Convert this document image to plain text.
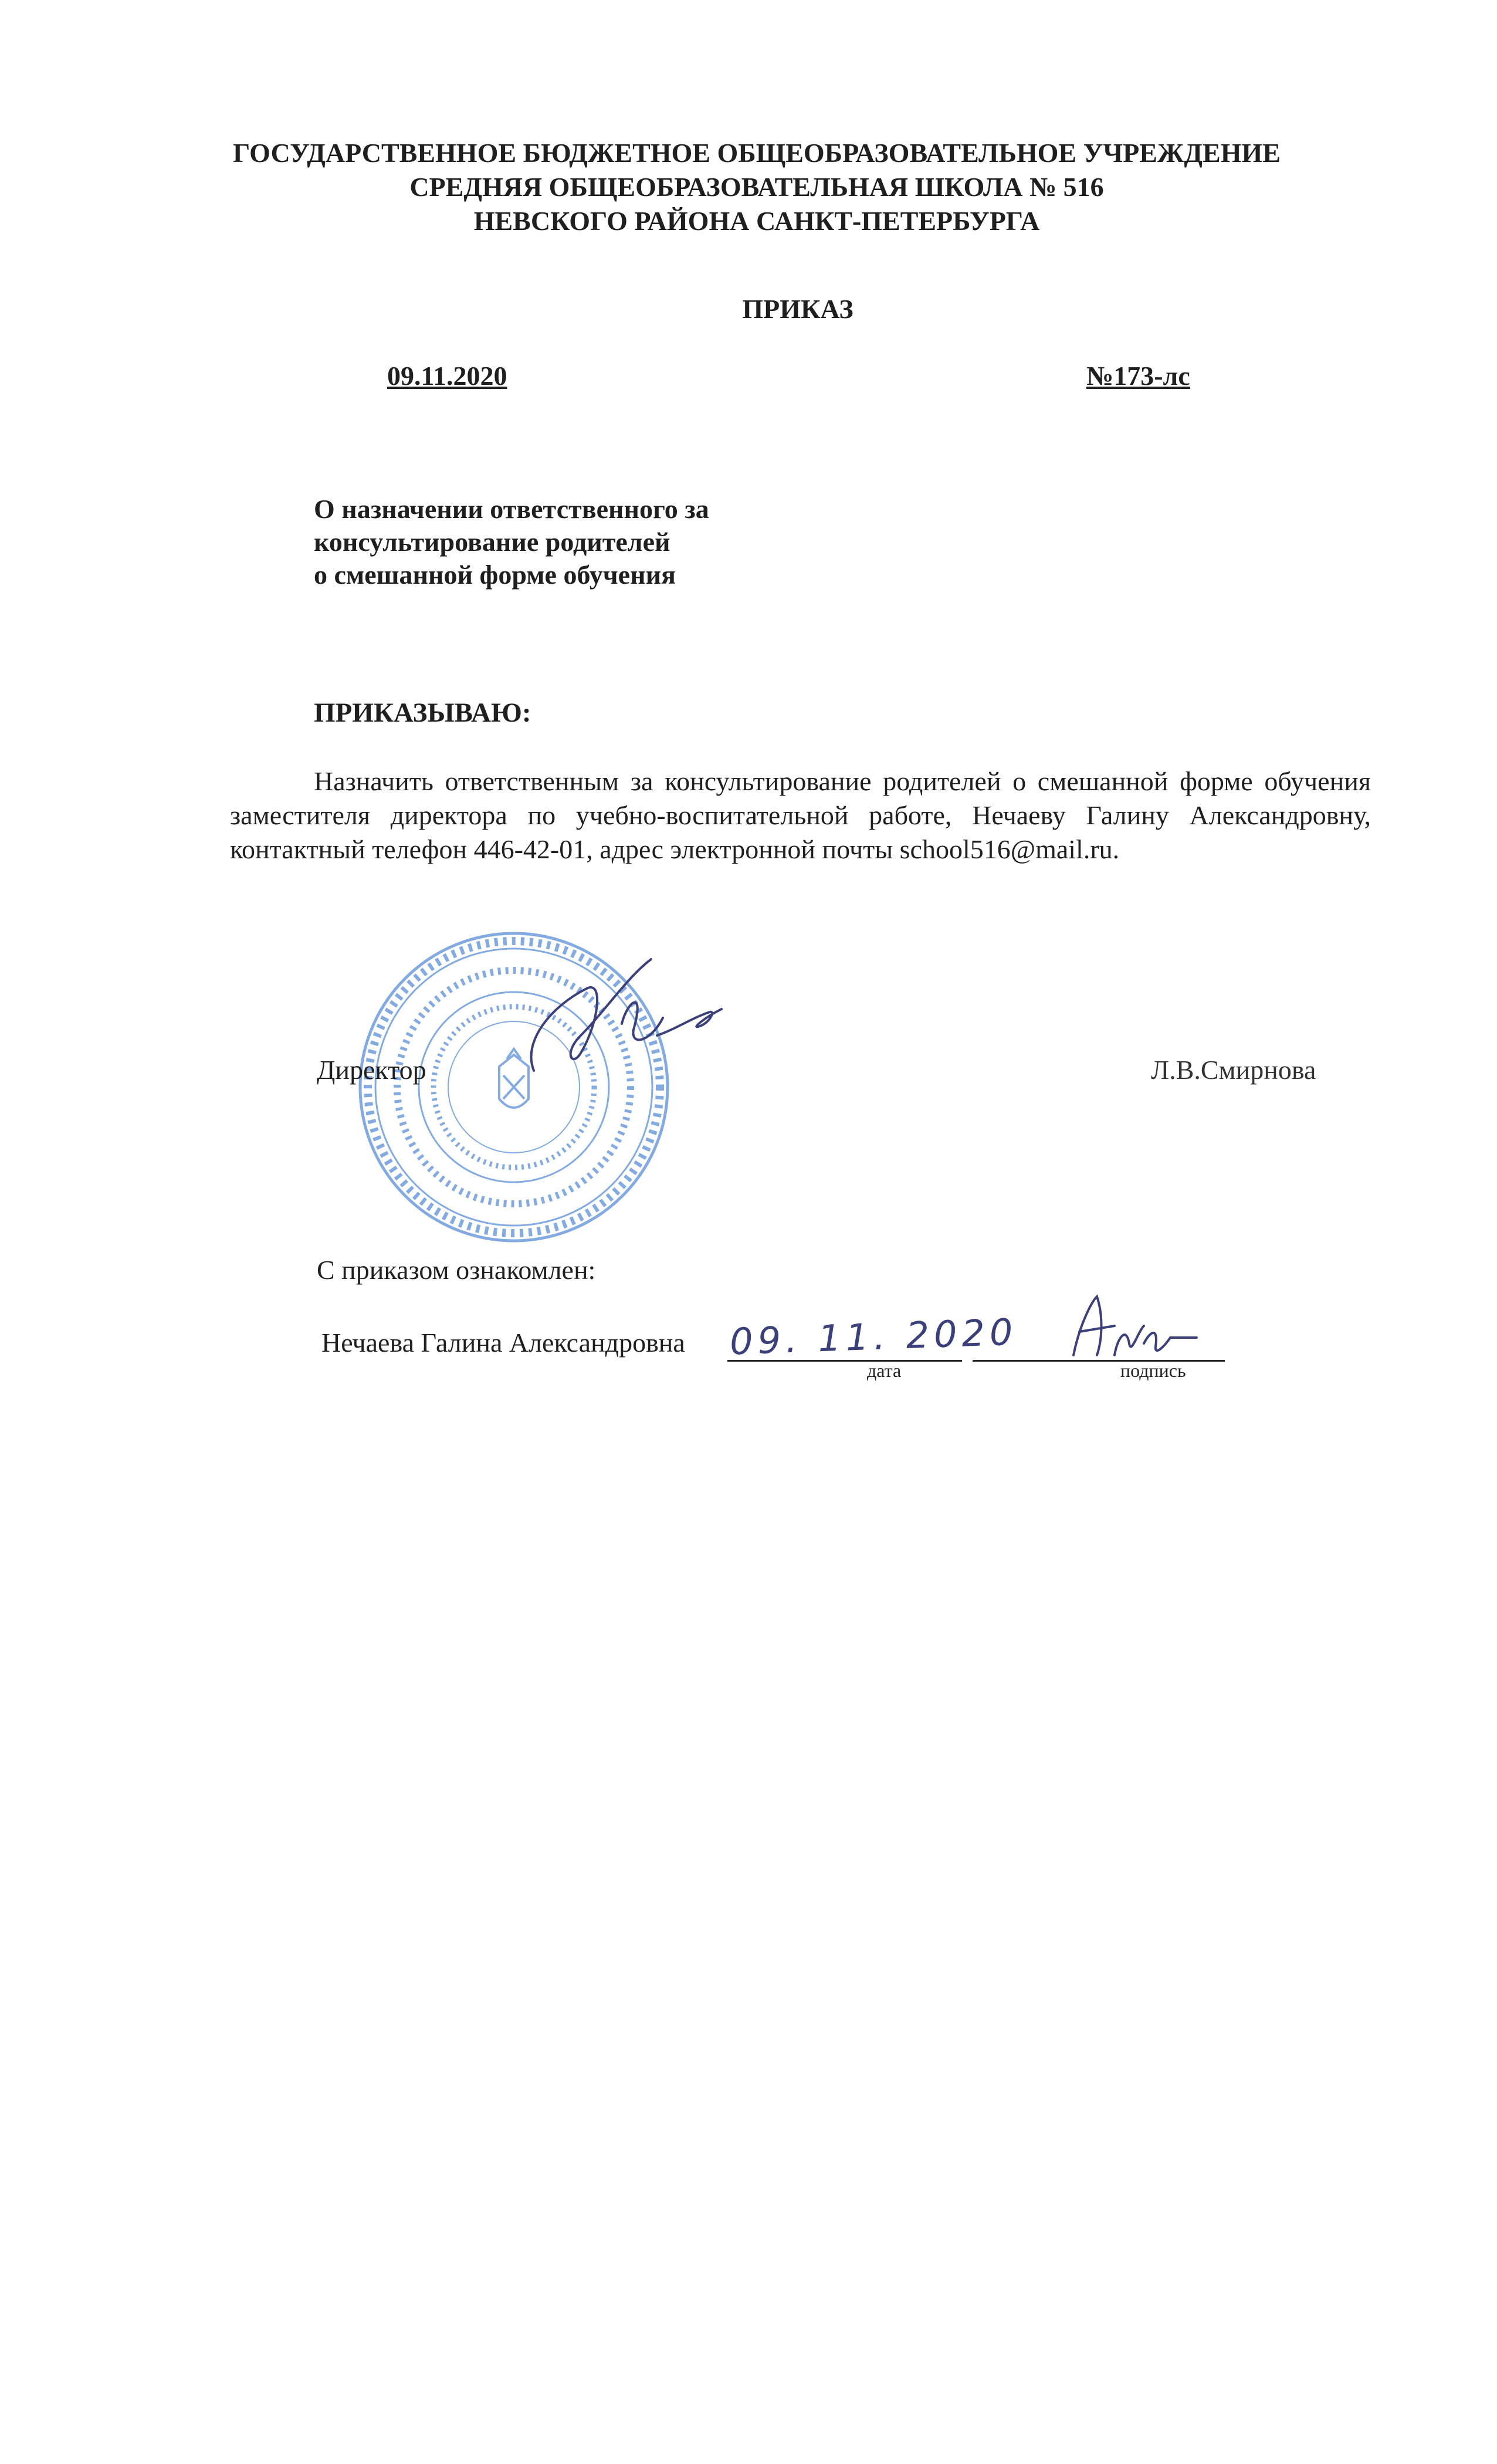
ГОСУДАРСТВЕННОЕ БЮДЖЕТНОЕ ОБЩЕОБРАЗОВАТЕЛЬНОЕ УЧРЕЖДЕНИЕ
СРЕДНЯЯ ОБЩЕОБРАЗОВАТЕЛЬНАЯ ШКОЛА № 516
НЕВСКОГО РАЙОНА САНКТ-ПЕТЕРБУРГА
ПРИКАЗ
09.11.2020	№173-лс
О назначении ответственного за
консультирование родителей
о смешанной форме обучения
ПРИКАЗЫВАЮ:
Назначить ответственным за консультирование родителей о смешанной форме обучения заместителя директора по учебно-воспитательной работе, Нечаеву Галину Александровну, контактный телефон 446-42-01, адрес электронной почты school516@mail.ru.
Директор	Л.В.Смирнова
С приказом ознакомлен:
Нечаева Галина Александровна 09. 11. 2020
дата	подпись
